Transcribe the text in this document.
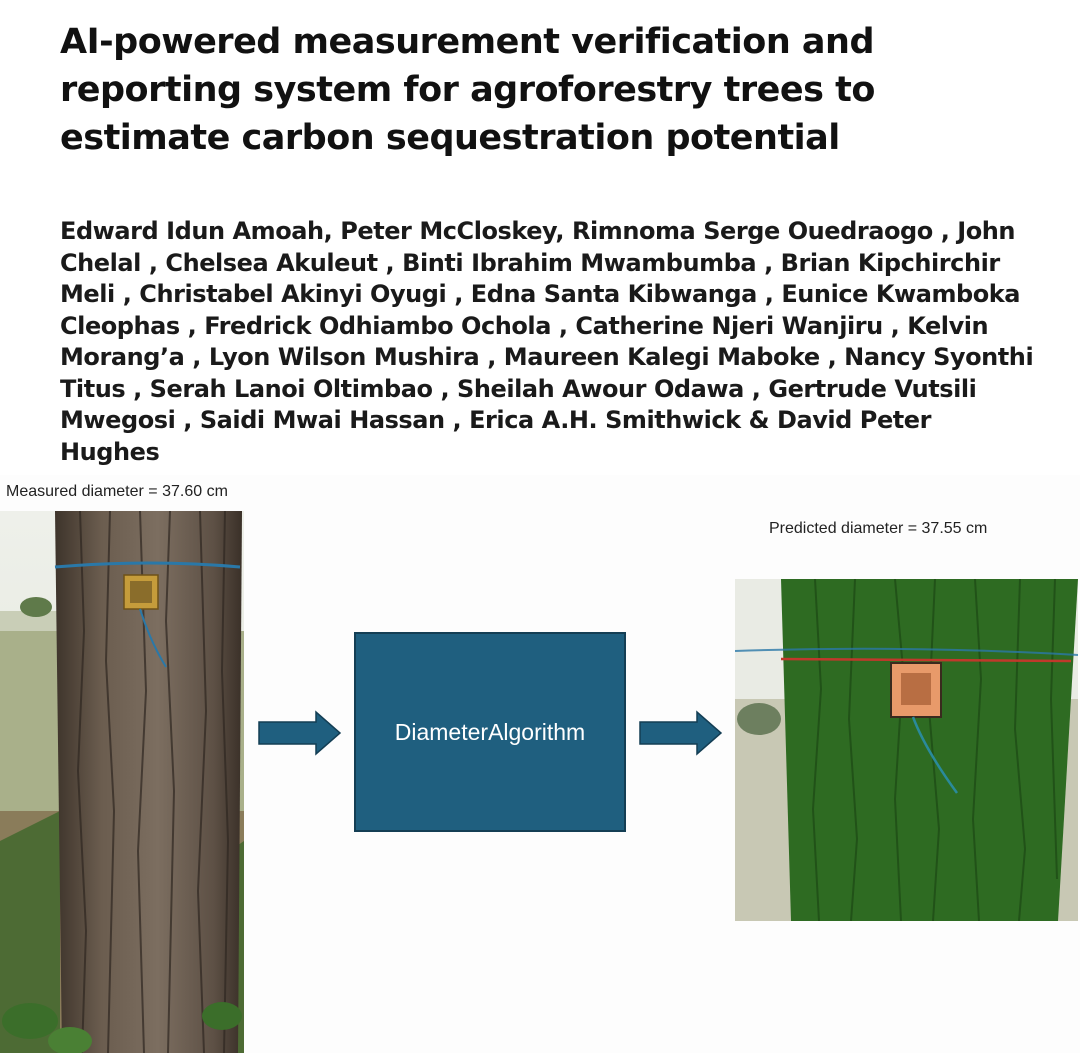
AI-powered measurement verification and reporting system for agroforestry trees to estimate carbon sequestration potential

Edward Idun Amoah, Peter McCloskey, Rimnoma Serge Ouedraogo , John Chelal , Chelsea Akuleut , Binti Ibrahim Mwambumba , Brian Kipchirchir Meli , Christabel Akinyi Oyugi , Edna Santa Kibwanga , Eunice Kwamboka Cleophas , Fredrick Odhiambo Ochola , Catherine Njeri Wanjiru , Kelvin Morang’a , Lyon Wilson Mushira , Maureen Kalegi Maboke , Nancy Syonthi Titus , Serah Lanoi Oltimbao , Sheilah Awour Odawa , Gertrude Vutsili Mwegosi , Saidi Mwai Hassan , Erica A.H. Smithwick & David Peter Hughes

Measured diameter = 37.60 cm
DiameterAlgorithm
Predicted diameter = 37.55 cm
